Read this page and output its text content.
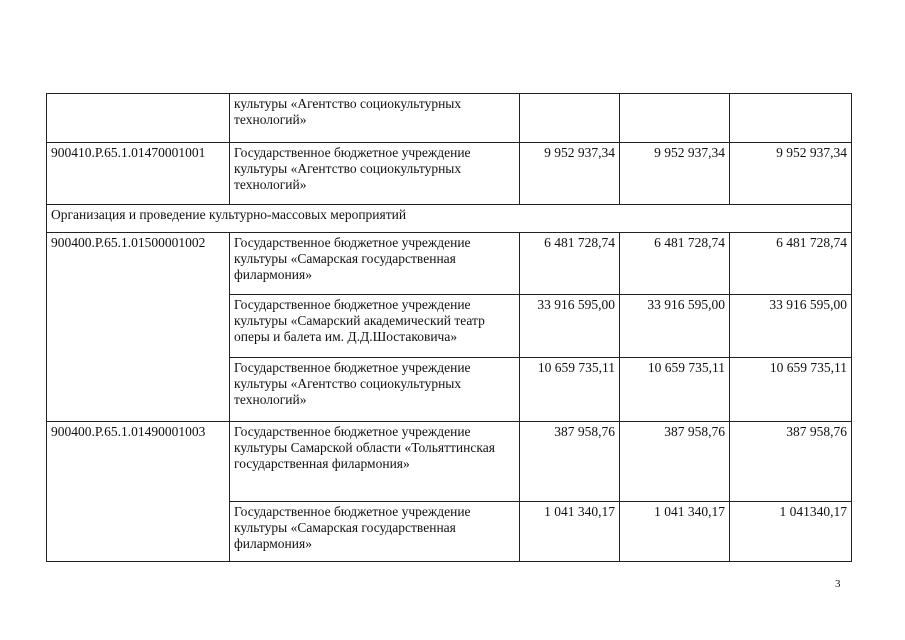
	культуры «Агентство социокультурных технологий»			
900410.Р.65.1.01470001001	Государственное бюджетное учреждение культуры «Агентство социокультурных технологий»	9 952 937,34	9 952 937,34	9 952 937,34
Организация и проведение культурно-массовых мероприятий				
900400.Р.65.1.01500001002	Государственное бюджетное учреждение культуры «Самарская государственная филармония»	6 481 728,74	6 481 728,74	6 481 728,74
	Государственное бюджетное учреждение культуры «Самарский академический театр оперы и балета им. Д.Д.Шостаковича»	33 916 595,00	33 916 595,00	33 916 595,00
	Государственное бюджетное учреждение культуры «Агентство социокультурных технологий»	10 659 735,11	10 659 735,11	10 659 735,11
900400.Р.65.1.01490001003	Государственное бюджетное учреждение культуры Самарской области «Тольяттинская государственная филармония»	387 958,76	387 958,76	387 958,76
	Государственное бюджетное учреждение культуры «Самарская государственная филармония»	1 041 340,17	1 041 340,17	1 041340,17
3
